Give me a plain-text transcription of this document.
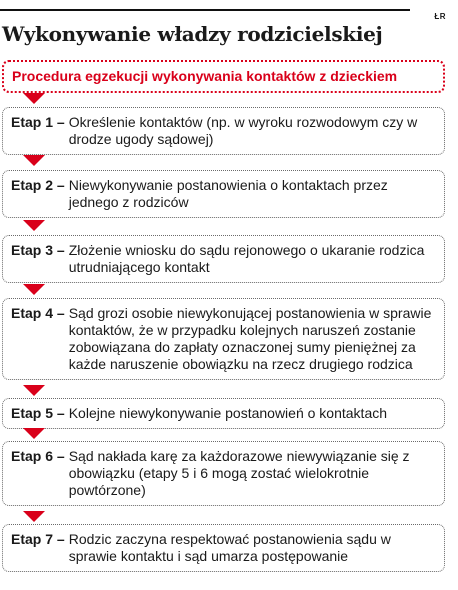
ŁR
Wykonywanie władzy rodzicielskiej
Procedura egzekucji wykonywania kontaktów z dzieckiem
Etap 1 – Określenie kontaktów (np. w wyroku rozwodowym czy w drodze ugody sądowej)
Etap 2 – Niewykonywanie postanowienia o kontaktach przez jednego z rodziców
Etap 3 – Złożenie wniosku do sądu rejonowego o ukaranie rodzica utrudniającego kontakt
Etap 4 – Sąd grozi osobie niewykonującej postanowienia w sprawie kontaktów, że w przypadku kolejnych naruszeń zostanie zobowiązana do zapłaty oznaczonej sumy pieniężnej za każde naruszenie obowiązku na rzecz drugiego rodzica
Etap 5 – Kolejne niewykonywanie postanowień o kontaktach
Etap 6 – Sąd nakłada karę za każdorazowe niewywiązanie się z obowiązku (etapy 5 i 6 mogą zostać wielokrotnie powtórzone)
Etap 7 – Rodzic zaczyna respektować postanowienia sądu w sprawie kontaktu i sąd umarza postępowanie
